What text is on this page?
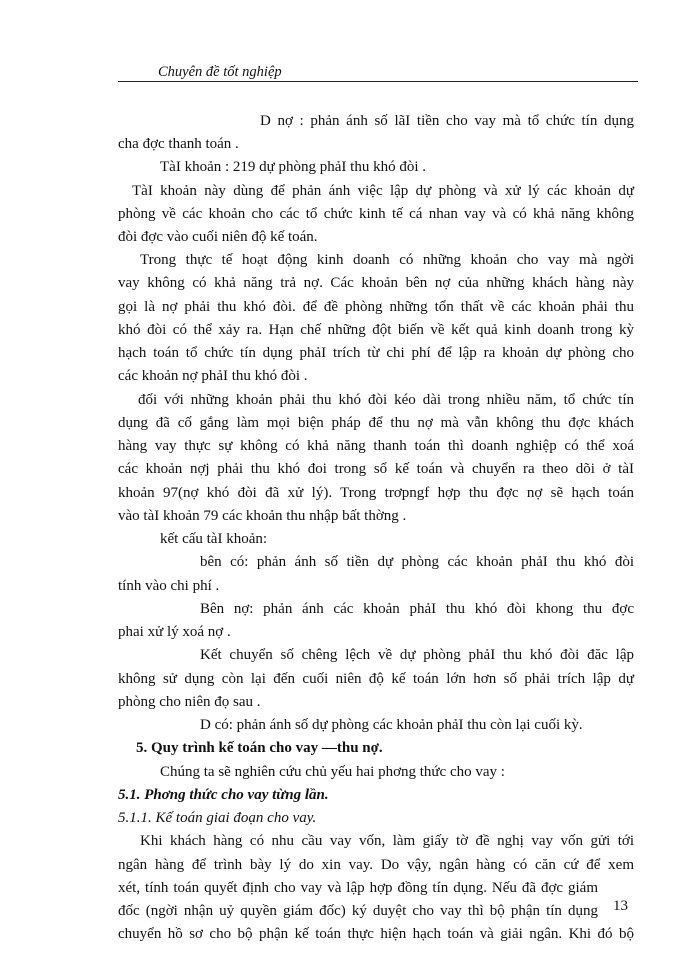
Chuyên đề tốt nghiệp
D nợ : phản ánh số lãI tiền cho vay mà tổ chức tín dụng
cha đợc thanh toán .
TàI khoản : 219 dự phòng phảI thu khó đòi .
TàI khoản này dùng để phản ánh việc lập dự phòng và xử lý các khoản dự
phòng về các khoản cho các tổ chức kinh tế cá nhan vay và có khả năng không
đòi đợc vào cuối niên độ kế toán.
Trong thực tế hoạt động kinh doanh có những khoản cho vay mà ngời
vay không có khả năng trả nợ. Các khoản bên nợ của những khách hàng này
gọi là nợ phải thu khó đòi. để đề phòng những tổn thất về các khoản phải thu
khó đòi có thể xảy ra. Hạn chế những đột biến về kết quả kinh doanh trong kỳ
hạch toán tổ chức tín dụng phảI trích từ chi phí để lập ra khoản dự phòng cho
các khoản nợ phảI thu khó đòi .
đối với những khoản phải thu khó đòi kéo dài trong nhiều năm, tổ chức tín
dụng đã cố gắng làm mọi biện pháp để thu nợ mà vẫn không thu đợc khách
hàng vay thực sự không có khả năng thanh toán thì doanh nghiệp có thể xoá
các khoản nợj phải thu khó đoi trong sổ kế toán và chuyển ra theo dõi ở tàI
khoản 97(nợ khó đòi đã xử lý). Trong trơpngf hợp thu đợc nợ sẽ hạch toán
vào tàI khoản 79 các khoản thu nhập bất thờng .
kết cấu tàI khoản:
bên có: phản ánh số tiền dự phòng các khoản phảI thu khó đòi
tính vào chi phí .
Bên nợ: phản ánh các khoản phảI thu khó đòi khong thu đợc
phai xử lý xoá nợ .
Kết chuyển số chêng lệch về dự phòng phảI thu khó đòi đăc lập
không sử dụng còn lại đến cuối niên độ kế toán lớn hơn số phải trích lập dự
phòng cho niên đọ sau .
D có: phản ánh số dự phòng các khoản phảI thu còn lại cuối kỳ.
5. Quy trình kế toán cho vay —thu nợ.
Chúng ta sẽ nghiên cứu chủ yếu hai phơng thức cho vay :
5.1. Phơng thức cho vay từng lần.
5.1.1. Kế toán giai đoạn cho vay.
Khi khách hàng có nhu cầu vay vốn, làm giấy tờ đề nghị vay vốn gửi tới
ngân hàng để trình bày lý do xin vay. Do vậy, ngân hàng có căn cứ để xem
xét, tính toán quyết định cho vay và lập hợp đồng tín dụng. Nếu đã đợc giám
đốc (ngời nhận uỷ quyền giám đốc) ký duyệt cho vay thì bộ phận tín dụng
chuyển hồ sơ cho bộ phận kế toán thực hiện hạch toán và giải ngân. Khi đó bộ
13
